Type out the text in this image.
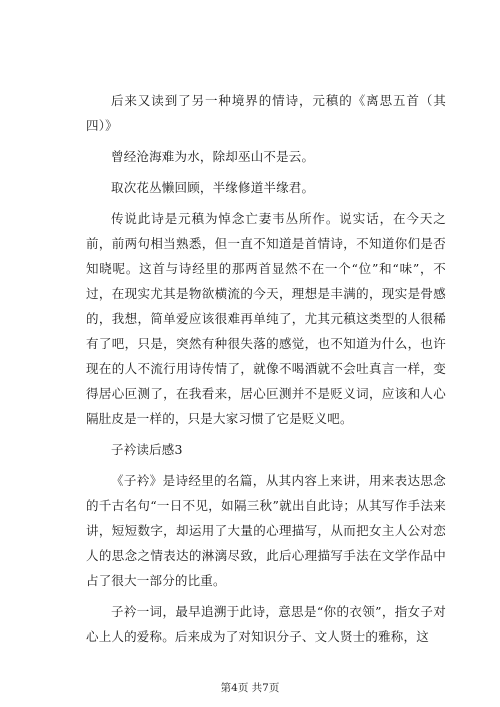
后来又读到了另一种境界的情诗，元稹的《离思五首（其四）》

曾经沧海难为水，除却巫山不是云。

取次花丛懒回顾，半缘修道半缘君。

传说此诗是元稹为悼念亡妻韦丛所作。说实话，在今天之前，前两句相当熟悉，但一直不知道是首情诗，不知道你们是否知晓呢。这首与诗经里的那两首显然不在一个“位”和“味”，不过，在现实尤其是物欲横流的今天，理想是丰满的，现实是骨感的，我想，简单爱应该很难再单纯了，尤其元稹这类型的人很稀有了吧，只是，突然有种很失落的感觉，也不知道为什么，也许现在的人不流行用诗传情了，就像不喝酒就不会吐真言一样，变得居心叵测了，在我看来，居心叵测并不是贬义词，应该和人心隔肚皮是一样的，只是大家习惯了它是贬义吧。

子衿读后感3

《子衿》是诗经里的名篇，从其内容上来讲，用来表达思念的千古名句“一日不见，如隔三秋”就出自此诗；从其写作手法来讲，短短数字，却运用了大量的心理描写，从而把女主人公对恋人的思念之情表达的淋漓尽致，此后心理描写手法在文学作品中占了很大一部分的比重。

子衿一词，最早追溯于此诗，意思是“你的衣领”，指女子对心上人的爱称。后来成为了对知识分子、文人贤士的雅称，这

第4页 共7页
